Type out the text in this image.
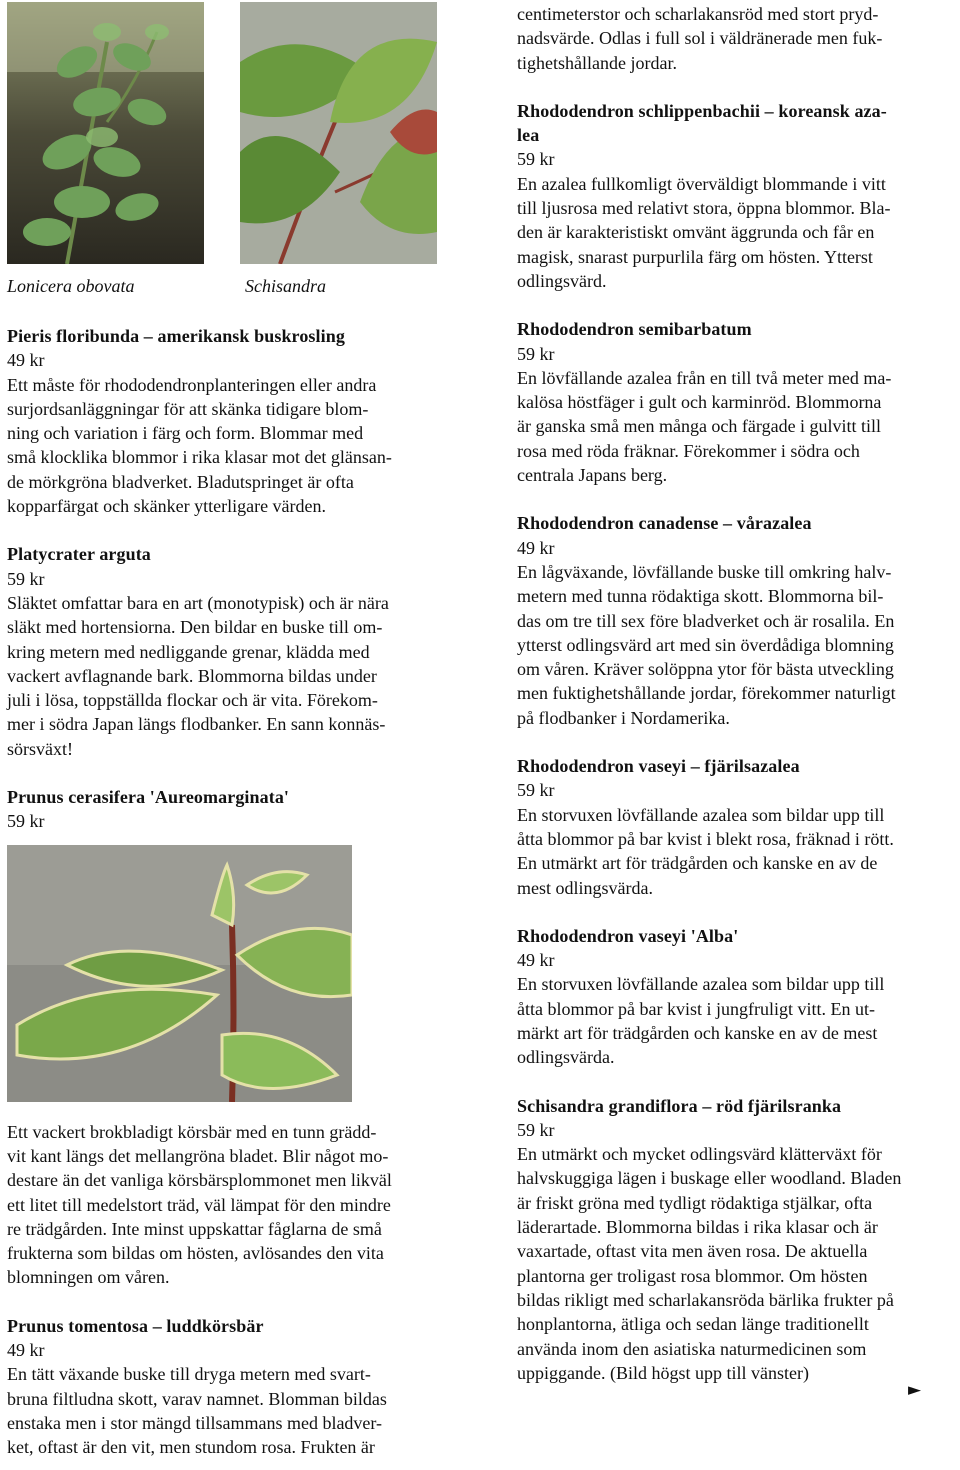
Lonicera obovata	Schisandra
Pieris floribunda – amerikansk buskrosling
49 kr
Ett måste för rhododendronplanteringen eller andra
surjordsanläggningar för att skänka tidigare blom-
ning och variation i färg och form. Blommar med
små klocklika blommor i rika klasar mot det glänsan-
de mörkgröna bladverket. Bladutspringet är ofta
kopparfärgat och skänker ytterligare värden.
Platycrater arguta
59 kr
Släktet omfattar bara en art (monotypisk) och är nära
släkt med hortensiorna. Den bildar en buske till om-
kring metern med nedliggande grenar, klädda med
vackert avflagnande bark. Blommorna bildas under
juli i lösa, toppställda flockar och är vita. Förekom-
mer i södra Japan längs flodbanker. En sann konnäs-
sörsväxt!
Prunus cerasifera 'Aureomarginata'
59 kr
Ett vackert brokbladigt körsbär med en tunn grädd-
vit kant längs det mellangröna bladet. Blir något mo-
destare än det vanliga körsbärsplommonet men likväl
ett litet till medelstort träd, väl lämpat för den mindre
re trädgården. Inte minst uppskattar fåglarna de små
frukterna som bildas om hösten, avlösandes den vita
blomningen om våren.
Prunus tomentosa – luddkörsbär
49 kr
En tätt växande buske till dryga metern med svart-
bruna filtludna skott, varav namnet. Blomman bildas
enstaka men i stor mängd tillsammans med bladver-
ket, oftast är den vit, men stundom rosa. Frukten är
centimeterstor och scharlakansröd med stort pryd-
nadsvärde. Odlas i full sol i väldränerade men fuk-
tighetshållande jordar.
Rhododendron schlippenbachii – koreansk aza-
lea
59 kr
En azalea fullkomligt överväldigt blommande i vitt
till ljusrosa med relativt stora, öppna blommor. Bla-
den är karakteristiskt omvänt äggrunda och får en
magisk, snarast purpurlila färg om hösten. Ytterst
odlingsvärd.
Rhododendron semibarbatum
59 kr
En lövfällande azalea från en till två meter med ma-
kalösa höstfäger i gult och karminröd. Blommorna
är ganska små men många och färgade i gulvitt till
rosa med röda fräknar. Förekommer i södra och
centrala Japans berg.
Rhododendron canadense – vårazalea
49 kr
En lågväxande, lövfällande buske till omkring halv-
metern med tunna rödaktiga skott. Blommorna bil-
das om tre till sex före bladverket och är rosalila. En
ytterst odlingsvärd art med sin överdådiga blomning
om våren. Kräver solöppna ytor för bästa utveckling
men fuktighetshållande jordar, förekommer naturligt
på flodbanker i Nordamerika.
Rhododendron vaseyi – fjärilsazalea
59 kr
En storvuxen lövfällande azalea som bildar upp till
åtta blommor på bar kvist i blekt rosa, fräknad i rött.
En utmärkt art för trädgården och kanske en av de
mest odlingsvärda.
Rhododendron vaseyi 'Alba'
49 kr
En storvuxen lövfällande azalea som bildar upp till
åtta blommor på bar kvist i jungfruligt vitt. En ut-
märkt art för trädgården och kanske en av de mest
odlingsvärda.
Schisandra grandiflora – röd fjärilsranka
59 kr
En utmärkt och mycket odlingsvärd klätterväxt för
halvskuggiga lägen i buskage eller woodland. Bladen
är friskt gröna med tydligt rödaktiga stjälkar, ofta
läderartade. Blommorna bildas i rika klasar och är
vaxartade, oftast vita men även rosa. De aktuella
plantorna ger troligast rosa blommor. Om hösten
bildas rikligt med scharlakansröda bärlika frukter på
honplantorna, ätliga och sedan länge traditionellt
använda inom den asiatiska naturmedicinen som
uppiggande. (Bild högst upp till vänster)
►
